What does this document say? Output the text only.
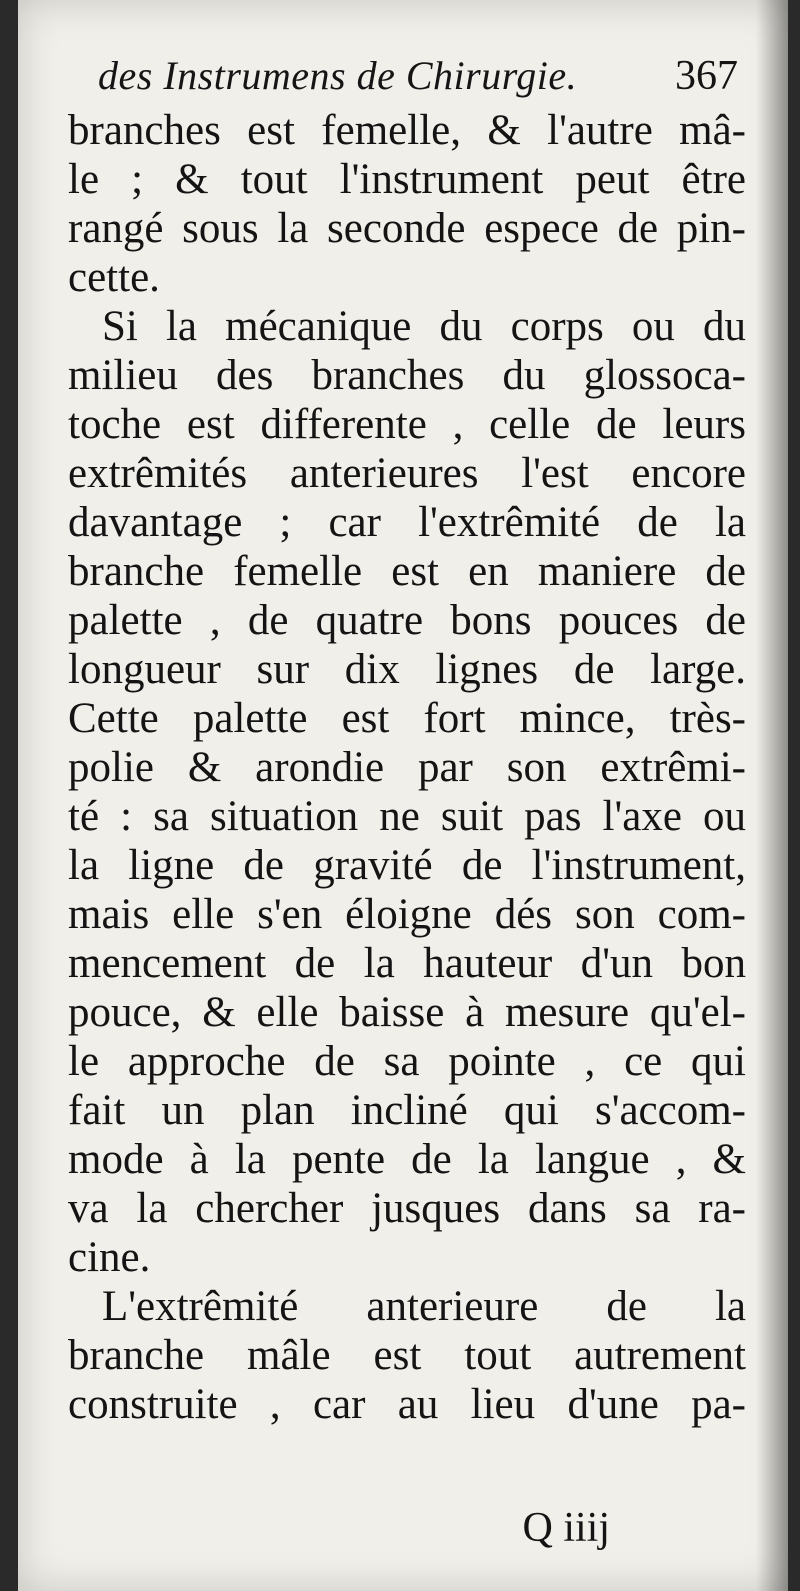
des Instrumens de Chirurgie. 367
branches est femelle, & l'autre mâ-
le ; & tout l'instrument peut être
rangé sous la seconde espece de pin-
cette.
Si la mécanique du corps ou du
milieu des branches du glossoca-
toche est differente , celle de leurs
extrêmités anterieures l'est encore
davantage ; car l'extrêmité de la
branche femelle est en maniere de
palette , de quatre bons pouces de
longueur sur dix lignes de large.
Cette palette est fort mince, très-
polie & arondie par son extrêmi-
té : sa situation ne suit pas l'axe ou
la ligne de gravité de l'instrument,
mais elle s'en éloigne dés son com-
mencement de la hauteur d'un bon
pouce, & elle baisse à mesure qu'el-
le approche de sa pointe , ce qui
fait un plan incliné qui s'accom-
mode à la pente de la langue , &
va la chercher jusques dans sa ra-
cine.
L'extrêmité anterieure de la
branche mâle est tout autrement
construite , car au lieu d'une pa-
Q iiij
